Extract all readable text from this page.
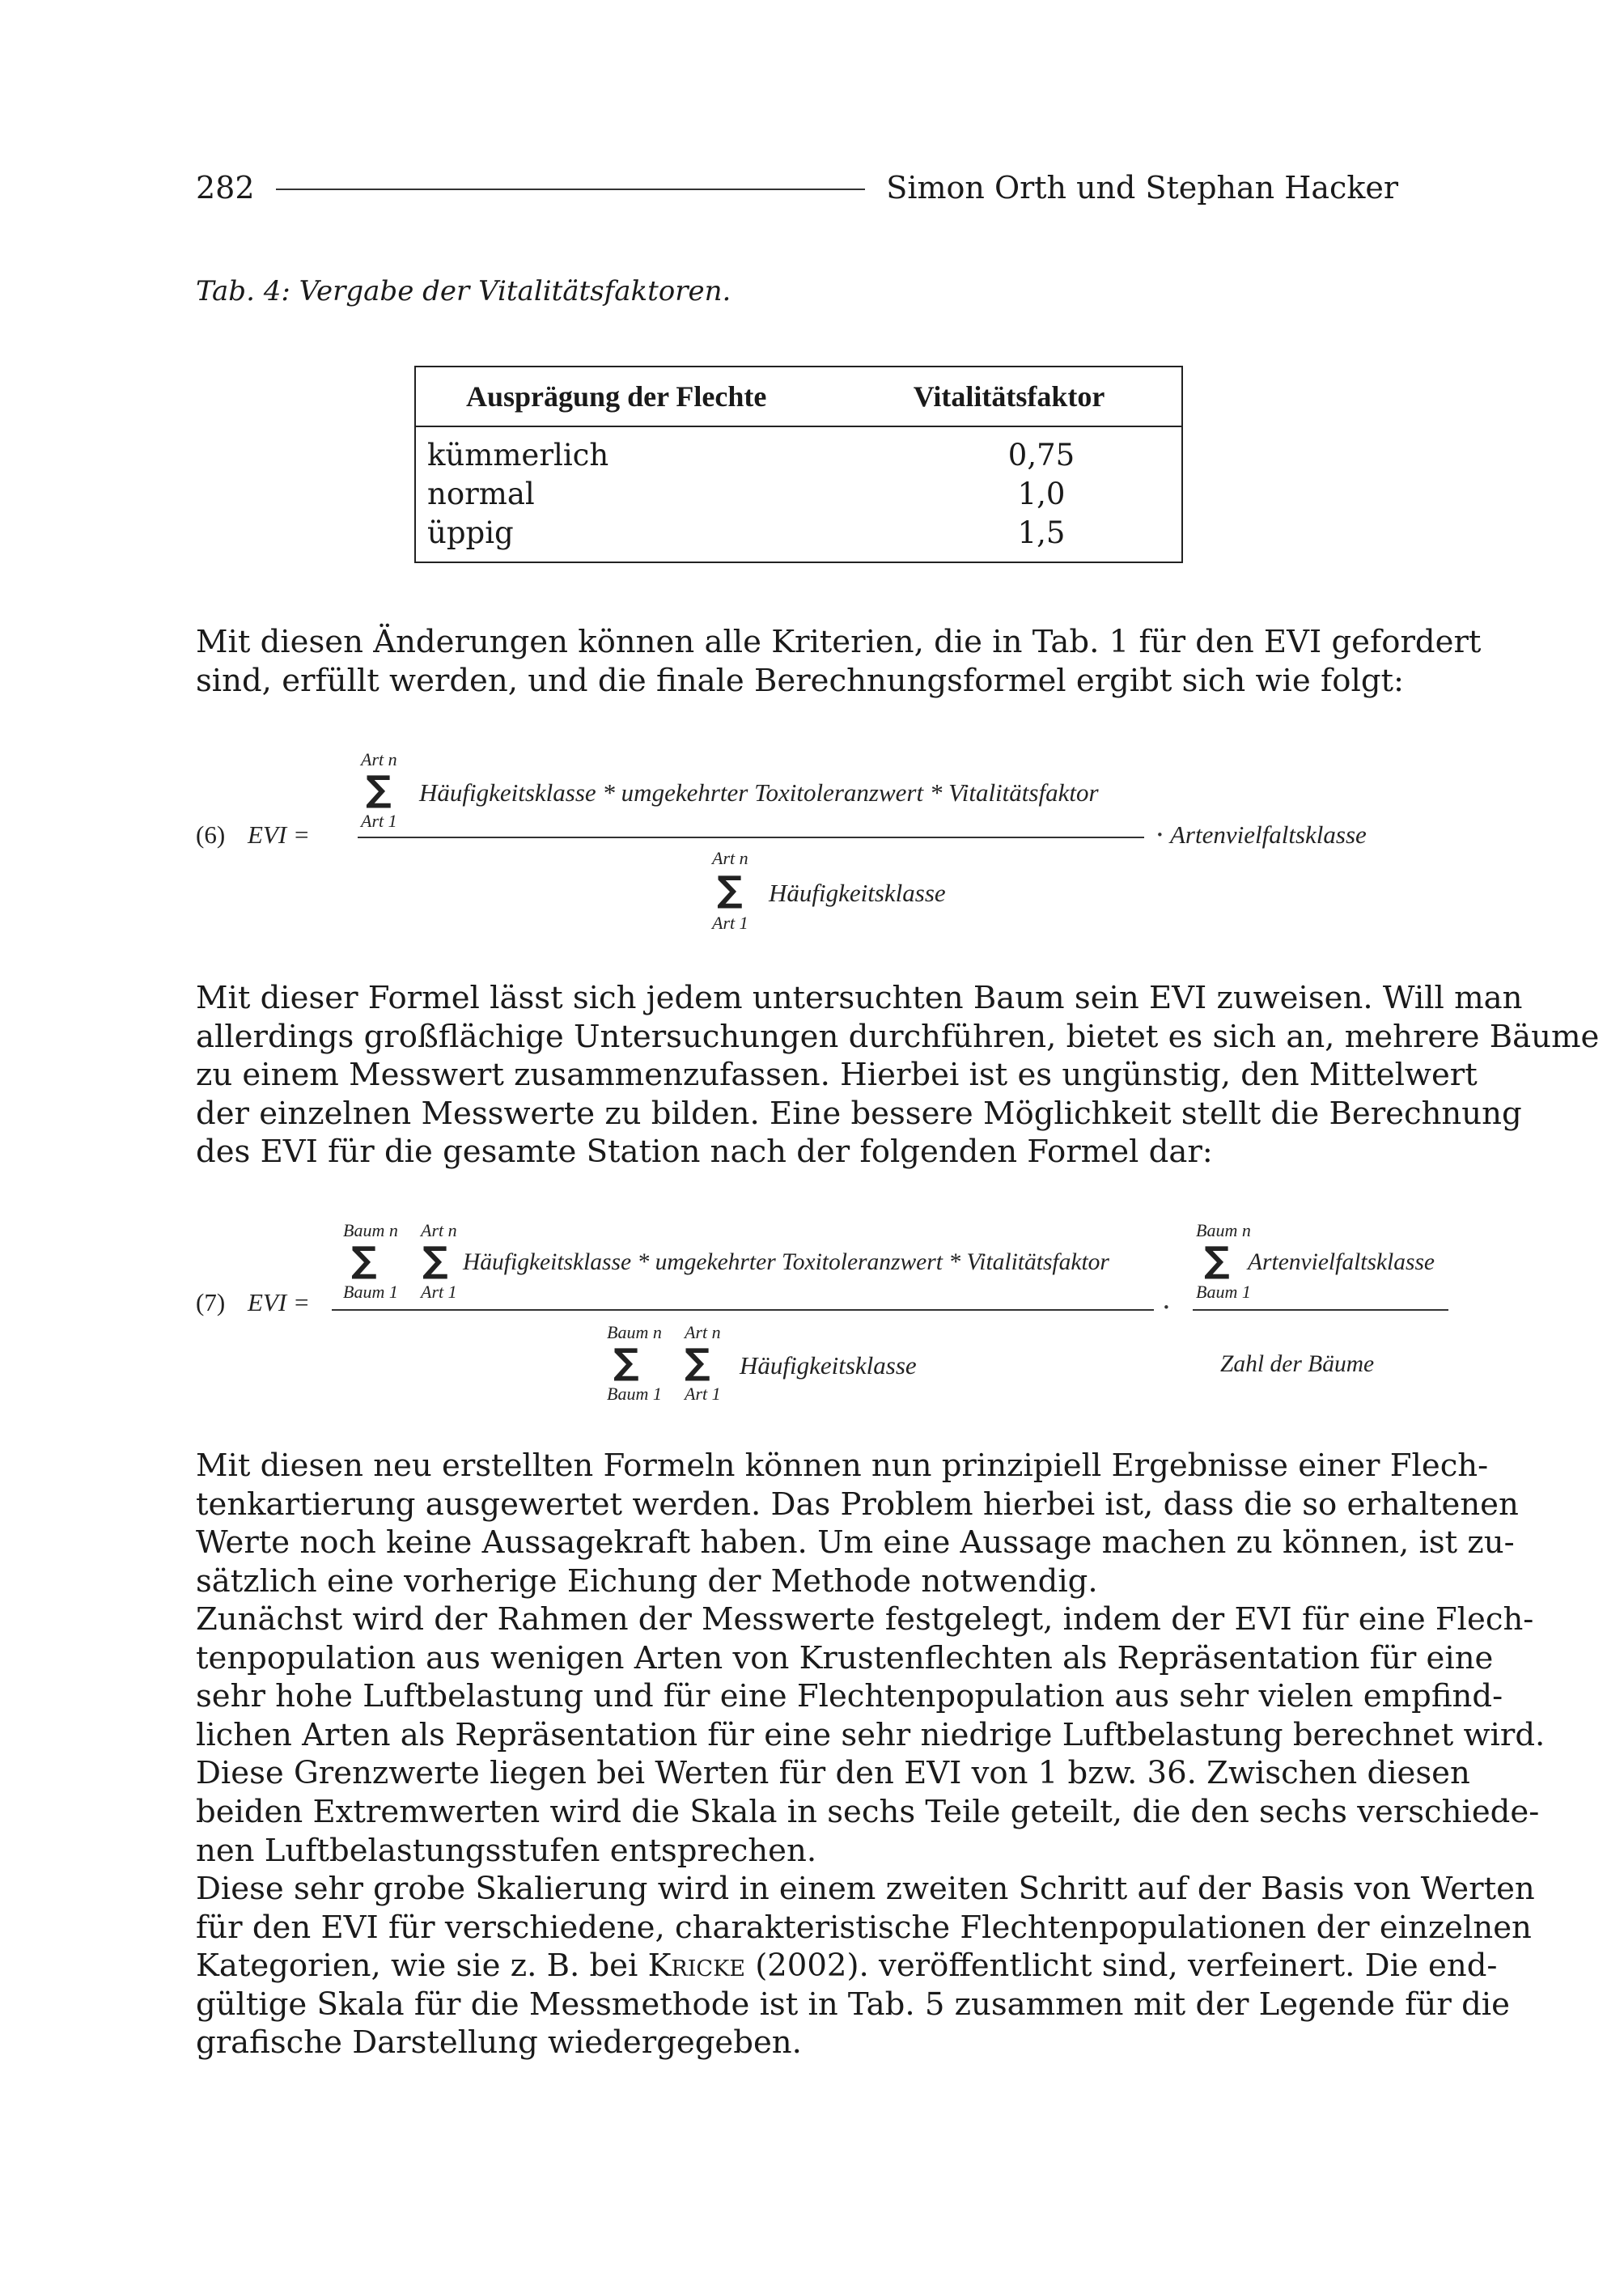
282	Simon Orth und Stephan Hacker
Tab. 4: Vergabe der Vitalitätsfaktoren.
Ausprägung der Flechte	Vitalitätsfaktor
kümmerlich	0,75
normal	1,0
üppig	1,5

Mit diesen Änderungen können alle Kriterien, die in Tab. 1 für den EVI gefordert
sind, erfüllt werden, und die finale Berechnungsformel ergibt sich wie folgt:

(6) EVI =
Art n
∑
Art 1
Häufigkeitsklasse * umgekehrter Toxitoleranzwert * Vitalitätsfaktor
· Artenvielfaltsklasse
Art n
∑
Art 1
Häufigkeitsklasse

Mit dieser Formel lässt sich jedem untersuchten Baum sein EVI zuweisen. Will man
allerdings großflächige Untersuchungen durchführen, bietet es sich an, mehrere Bäume
zu einem Messwert zusammenzufassen. Hierbei ist es ungünstig, den Mittelwert
der einzelnen Messwerte zu bilden. Eine bessere Möglichkeit stellt die Berechnung
des EVI für die gesamte Station nach der folgenden Formel dar:

(7) EVI =
Baum n Art n
∑ ∑
Baum 1 Art 1
Häufigkeitsklasse * umgekehrter Toxitoleranzwert * Vitalitätsfaktor
·
Baum n Art n
∑ ∑
Baum 1 Art 1
Häufigkeitsklasse
Baum n
∑
Baum 1
Artenvielfaltsklasse
Zahl der Bäume

Mit diesen neu erstellten Formeln können nun prinzipiell Ergebnisse einer Flech-
tenkartierung ausgewertet werden. Das Problem hierbei ist, dass die so erhaltenen
Werte noch keine Aussagekraft haben. Um eine Aussage machen zu können, ist zu-
sätzlich eine vorherige Eichung der Methode notwendig.

Zunächst wird der Rahmen der Messwerte festgelegt, indem der EVI für eine Flech-
tenpopulation aus wenigen Arten von Krustenflechten als Repräsentation für eine
sehr hohe Luftbelastung und für eine Flechtenpopulation aus sehr vielen empfind-
lichen Arten als Repräsentation für eine sehr niedrige Luftbelastung berechnet wird.
Diese Grenzwerte liegen bei Werten für den EVI von 1 bzw. 36. Zwischen diesen
beiden Extremwerten wird die Skala in sechs Teile geteilt, die den sechs verschiede-
nen Luftbelastungsstufen entsprechen.

Diese sehr grobe Skalierung wird in einem zweiten Schritt auf der Basis von Werten
für den EVI für verschiedene, charakteristische Flechtenpopulationen der einzelnen
Kategorien, wie sie z. B. bei Kricke (2002). veröffentlicht sind, verfeinert. Die end-
gültige Skala für die Messmethode ist in Tab. 5 zusammen mit der Legende für die
grafische Darstellung wiedergegeben.
